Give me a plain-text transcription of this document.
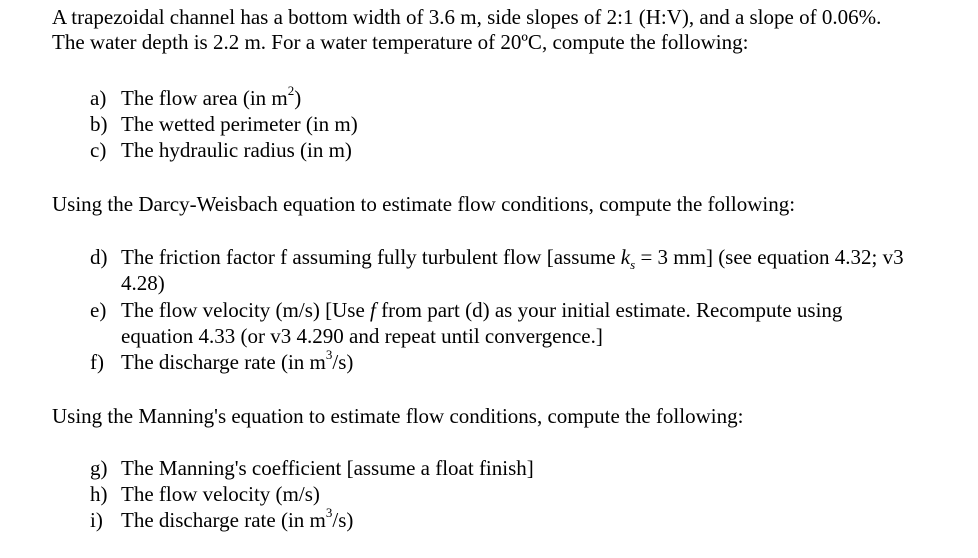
A trapezoidal channel has a bottom width of 3.6 m, side slopes of 2:1 (H:V), and a slope of 0.06%.
The water depth is 2.2 m. For a water temperature of 20ºC, compute the following:
a) The flow area (in $m^2$)
b) The wetted perimeter (in m)
c) The hydraulic radius (in m)
Using the Darcy-Weisbach equation to estimate flow conditions, compute the following:
d) The friction factor f assuming fully turbulent flow [assume $k_s = 3$ mm] (see equation 4.32; v3
4.28)
e) The flow velocity (m/s) [Use f from part (d) as your initial estimate. Recompute using
equation 4.33 (or v3 4.290 and repeat until convergence.]
f) The discharge rate (in $m^3/s$)
Using the Manning's equation to estimate flow conditions, compute the following:
g) The Manning's coefficient [assume a float finish]
h) The flow velocity (m/s)
i) The discharge rate (in $m^3/s$)
